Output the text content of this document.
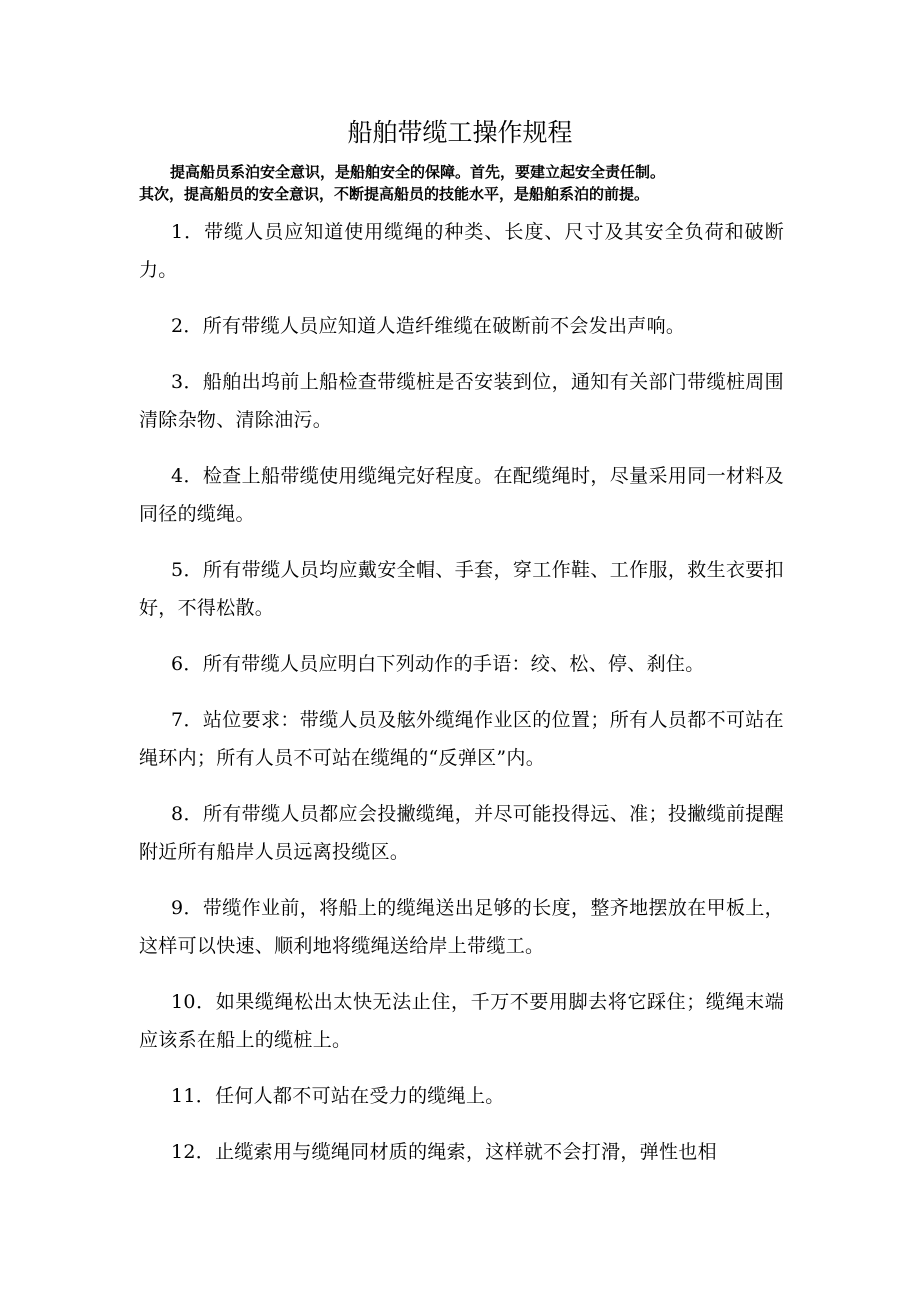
船舶带缆工操作规程
提高船员系泊安全意识，是船舶安全的保障。首先，要建立起安全责任制。
其次，提高船员的安全意识，不断提高船员的技能水平，是船舶系泊的前提。
1．带缆人员应知道使用缆绳的种类、长度、尺寸及其安全负荷和破断力。
2．所有带缆人员应知道人造纤维缆在破断前不会发出声响。
3．船舶出坞前上船检查带缆桩是否安装到位，通知有关部门带缆桩周围清除杂物、清除油污。
4．检查上船带缆使用缆绳完好程度。在配缆绳时，尽量采用同一材料及同径的缆绳。
5．所有带缆人员均应戴安全帽、手套，穿工作鞋、工作服，救生衣要扣好，不得松散。
6．所有带缆人员应明白下列动作的手语：绞、松、停、刹住。
7．站位要求：带缆人员及舷外缆绳作业区的位置；所有人员都不可站在绳环内；所有人员不可站在缆绳的“反弹区”内。
8．所有带缆人员都应会投撇缆绳，并尽可能投得远、准；投撇缆前提醒附近所有船岸人员远离投缆区。
9．带缆作业前，将船上的缆绳送出足够的长度，整齐地摆放在甲板上，这样可以快速、顺利地将缆绳送给岸上带缆工。
10．如果缆绳松出太快无法止住，千万不要用脚去将它踩住；缆绳末端应该系在船上的缆桩上。
11．任何人都不可站在受力的缆绳上。
12．止缆索用与缆绳同材质的绳索，这样就不会打滑，弹性也相
